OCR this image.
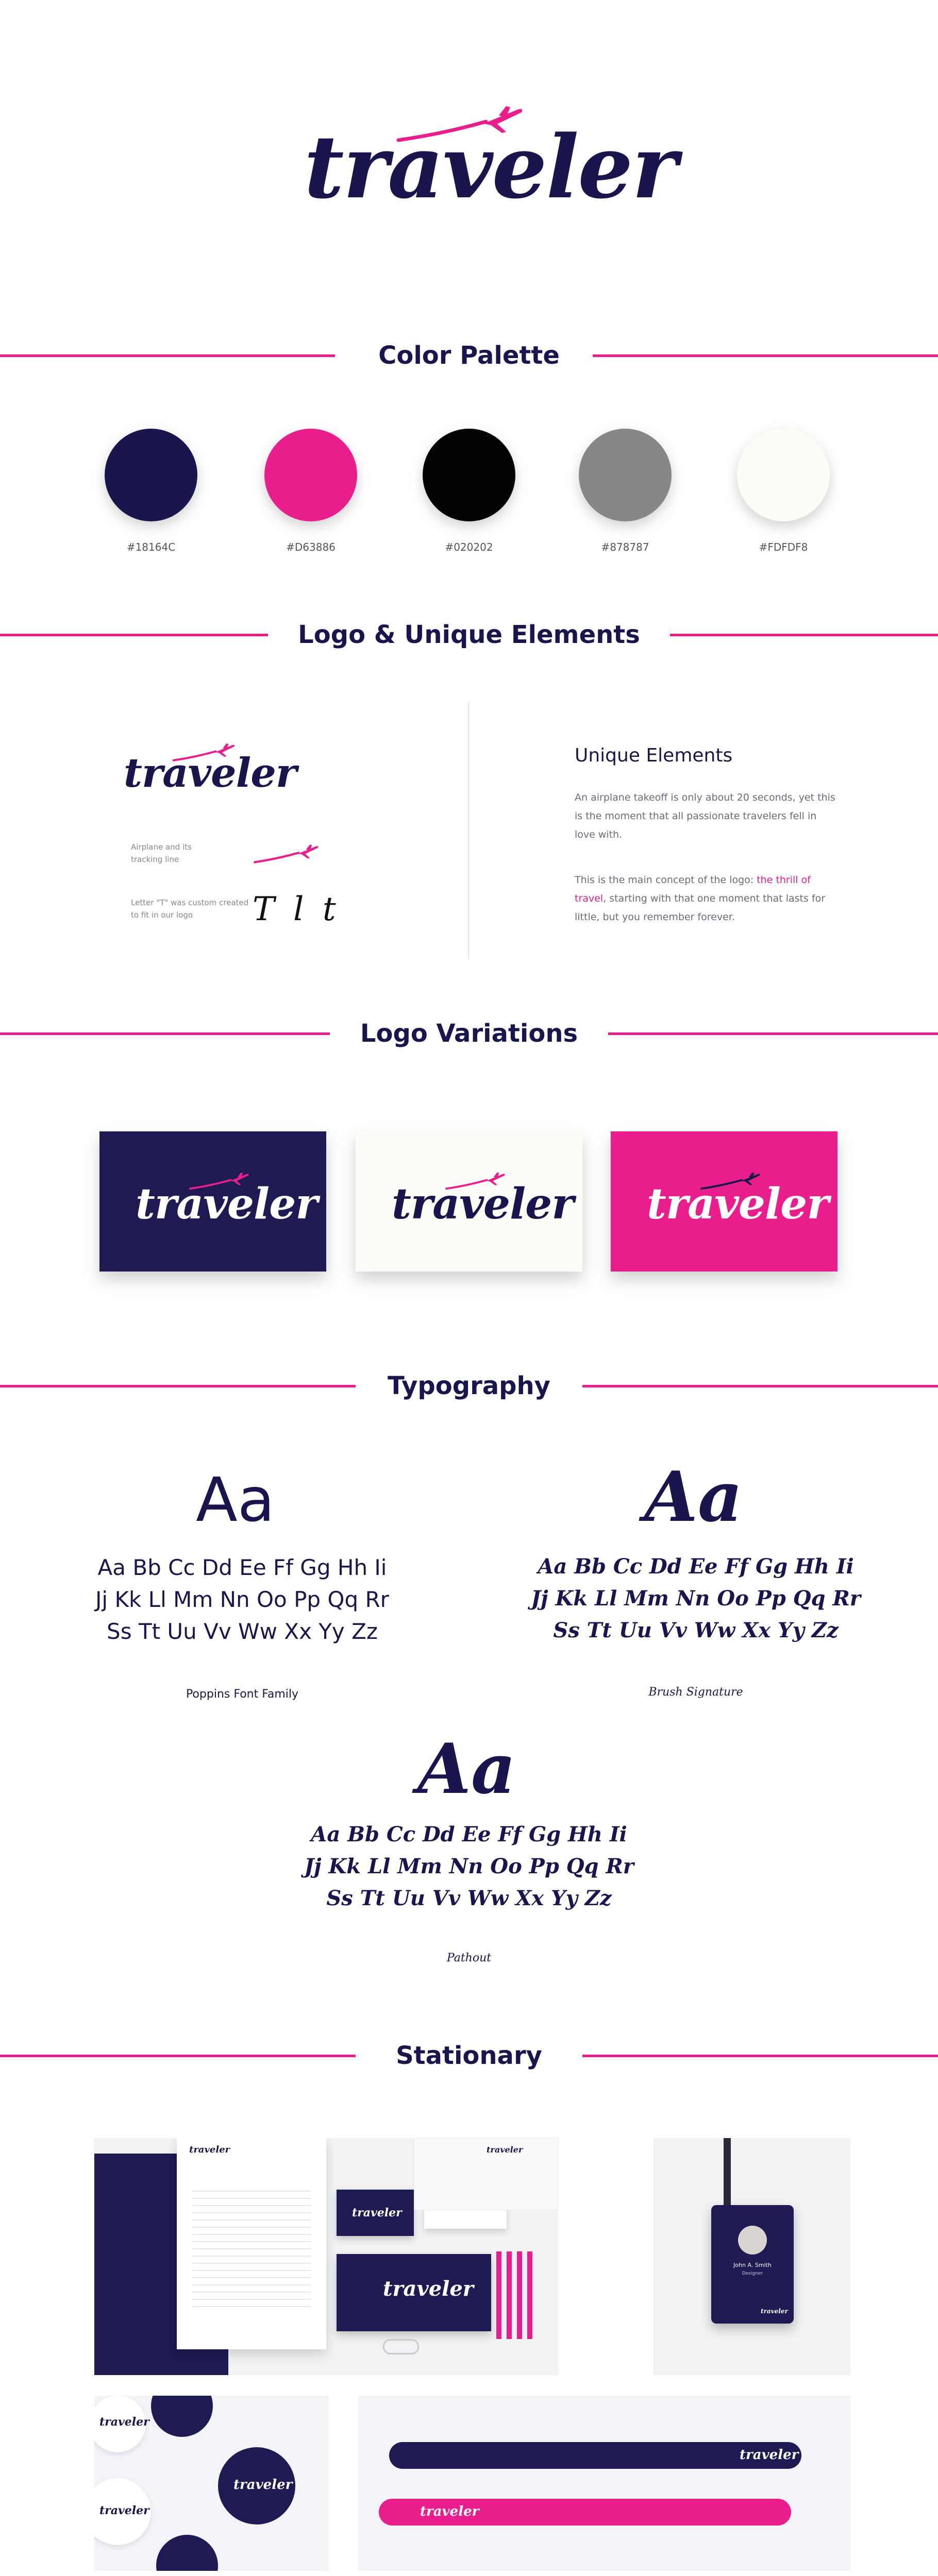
traveler
Color Palette
#18164C	#D63886	#020202	#878787	#FDFDF8
Logo & Unique Elements
traveler
Airplane and its tracking line
Letter "T" was custom created to fit in our logo	T l t
Unique Elements
An airplane takeoff is only about 20 seconds, yet this is the moment that all passionate travelers fell in love with.
This is the main concept of the logo: the thrill of travel, starting with that one moment that lasts for little, but you remember forever.
Logo Variations
traveler traveler traveler
Typography
Aa
Aa Bb Cc Dd Ee Ff Gg Hh Ii
Jj Kk Ll Mm Nn Oo Pp Qq Rr
Ss Tt Uu Vv Ww Xx Yy Zz
Poppins Font Family
Aa
Aa Bb Cc Dd Ee Ff Gg Hh Ii
Jj Kk Ll Mm Nn Oo Pp Qq Rr
Ss Tt Uu Vv Ww Xx Yy Zz
Brush Signature
Aa
Aa Bb Cc Dd Ee Ff Gg Hh Ii
Jj Kk Ll Mm Nn Oo Pp Qq Rr
Ss Tt Uu Vv Ww Xx Yy Zz
Pathout
Stationary
traveler
traveler
traveler
traveler
John A. Smith
Designer
traveler
traveler
traveler
traveler
traveler
traveler
